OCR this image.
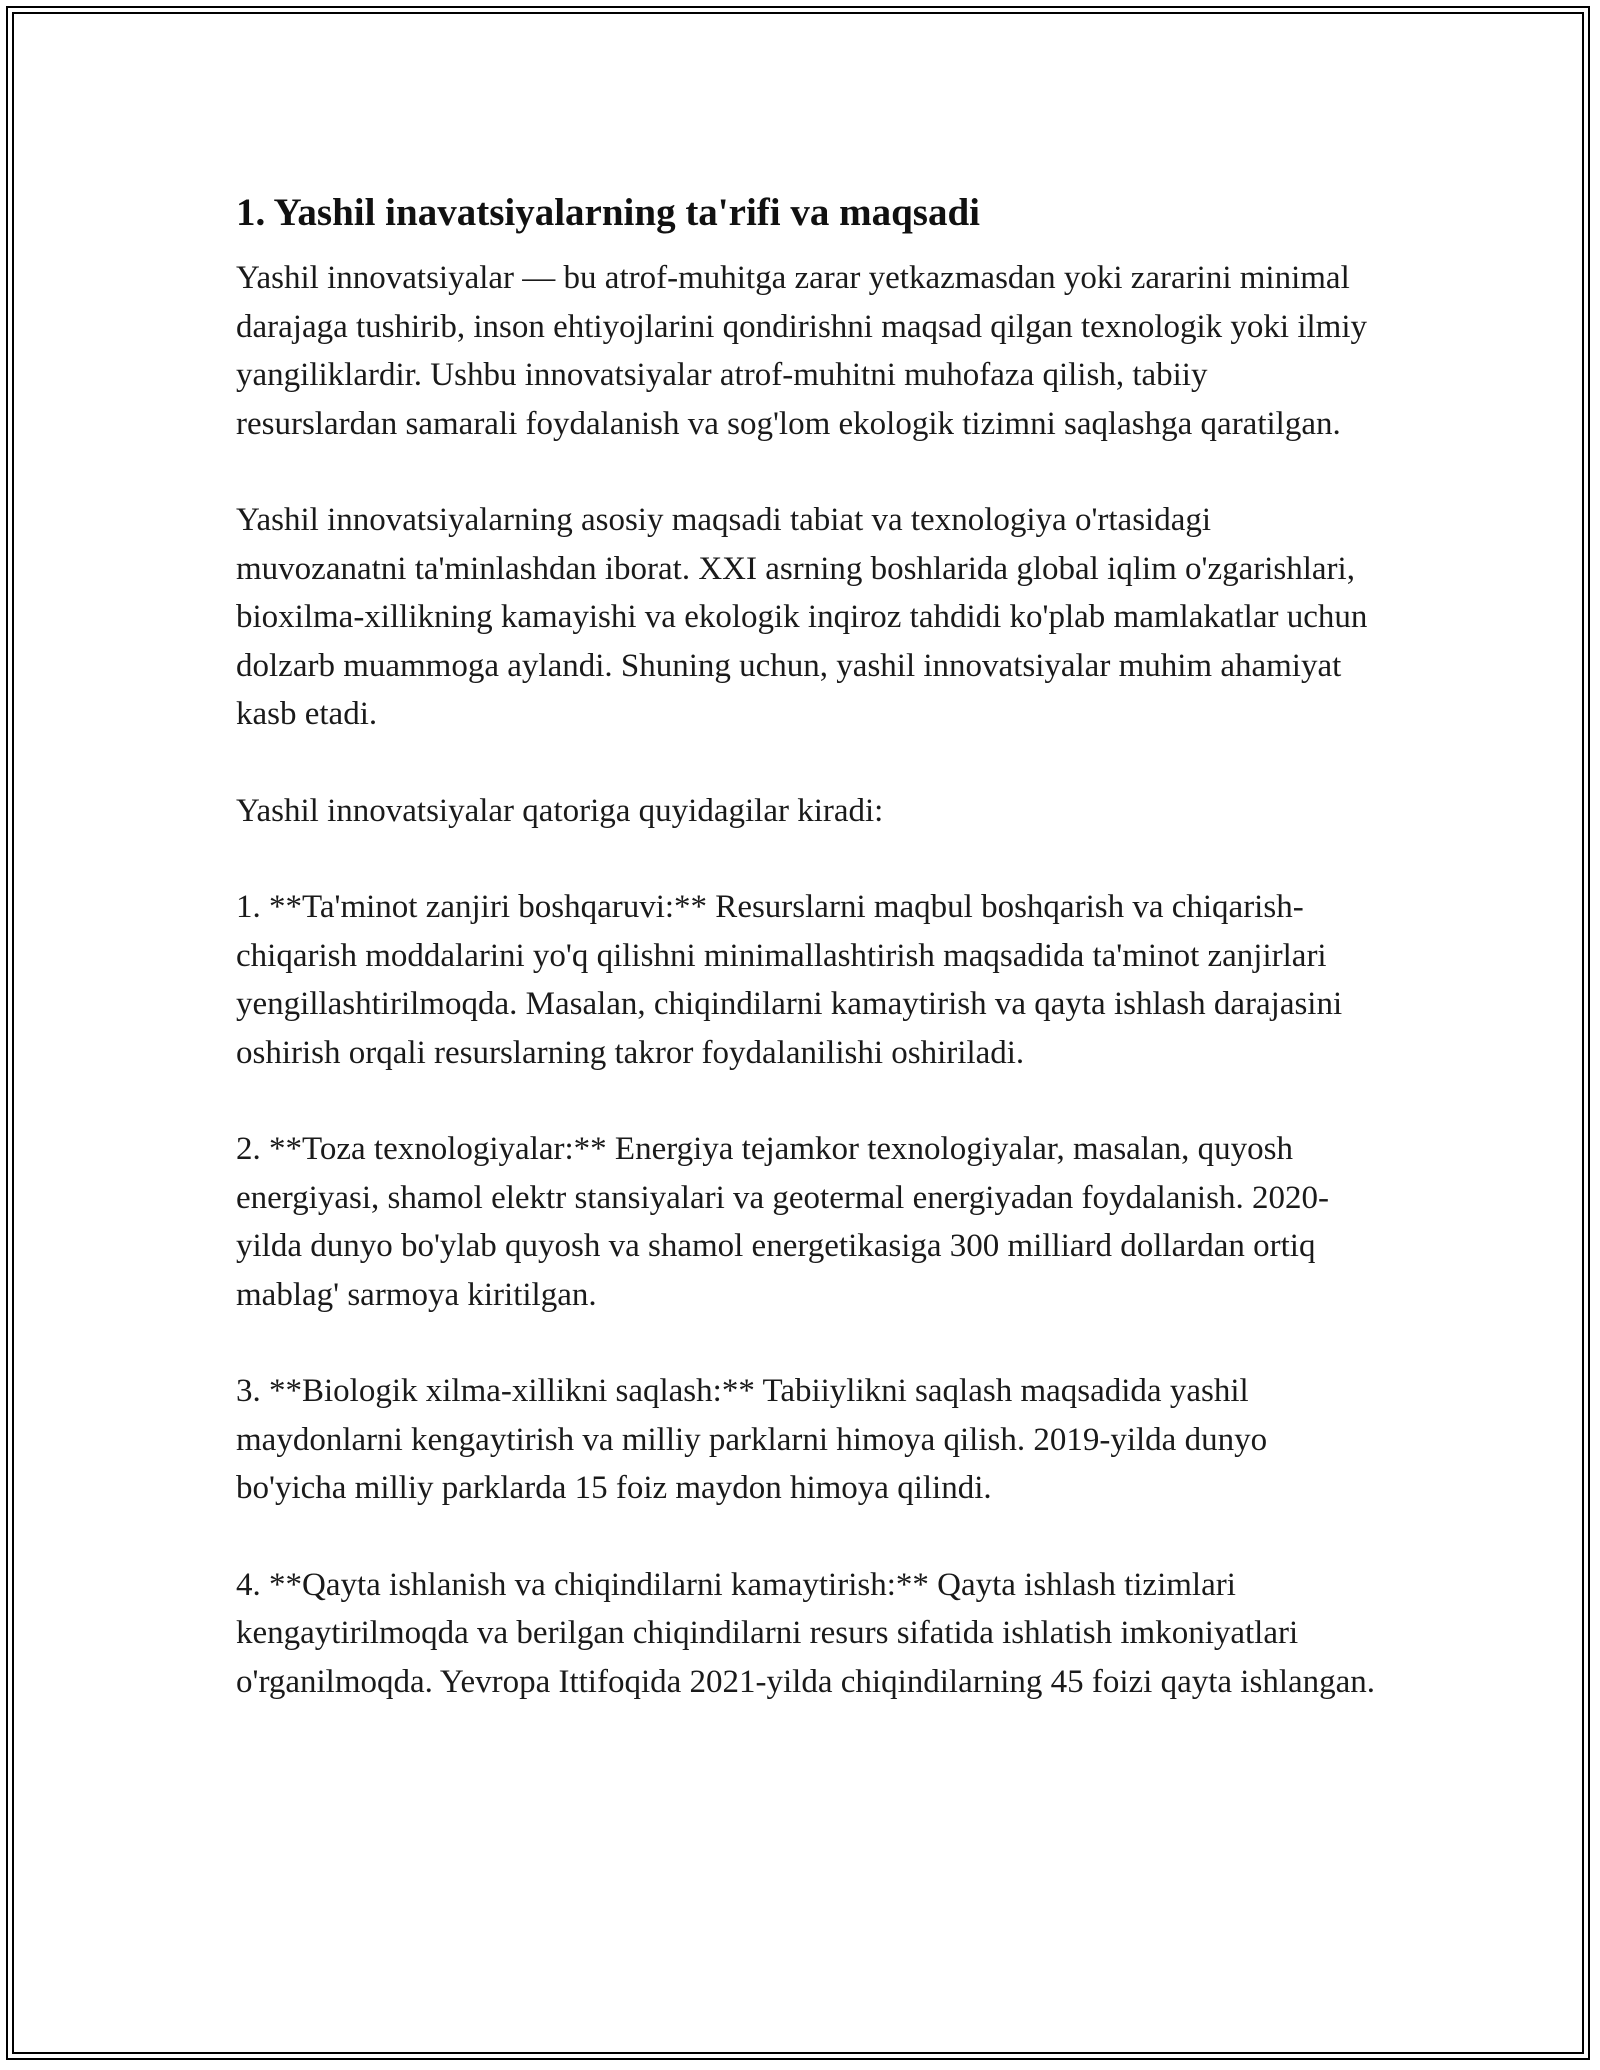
1. Yashil inavatsiyalarning ta'rifi va maqsadi

Yashil innovatsiyalar — bu atrof-muhitga zarar yetkazmasdan yoki zararini minimal darajaga tushirib, inson ehtiyojlarini qondirishni maqsad qilgan texnologik yoki ilmiy yangiliklardir. Ushbu innovatsiyalar atrof-muhitni muhofaza qilish, tabiiy resurslardan samarali foydalanish va sog'lom ekologik tizimni saqlashga qaratilgan.

Yashil innovatsiyalarning asosiy maqsadi tabiat va texnologiya o'rtasidagi muvozanatni ta'minlashdan iborat. XXI asrning boshlarida global iqlim o'zgarishlari, bioxilma-xillikning kamayishi va ekologik inqiroz tahdidi ko'plab mamlakatlar uchun dolzarb muammoga aylandi. Shuning uchun, yashil innovatsiyalar muhim ahamiyat kasb etadi.

Yashil innovatsiyalar qatoriga quyidagilar kiradi:

1. **Ta'minot zanjiri boshqaruvi:** Resurslarni maqbul boshqarish va chiqarish-chiqarish moddalarini yo'q qilishni minimallashtirish maqsadida ta'minot zanjirlari yengillashtirilmoqda. Masalan, chiqindilarni kamaytirish va qayta ishlash darajasini oshirish orqali resurslarning takror foydalanilishi oshiriladi.

2. **Toza texnologiyalar:** Energiya tejamkor texnologiyalar, masalan, quyosh energiyasi, shamol elektr stansiyalari va geotermal energiyadan foydalanish. 2020-yilda dunyo bo'ylab quyosh va shamol energetikasiga 300 milliard dollardan ortiq mablag' sarmoya kiritilgan.

3. **Biologik xilma-xillikni saqlash:** Tabiiylikni saqlash maqsadida yashil maydonlarni kengaytirish va milliy parklarni himoya qilish. 2019-yilda dunyo bo'yicha milliy parklarda 15 foiz maydon himoya qilindi.

4. **Qayta ishlanish va chiqindilarni kamaytirish:** Qayta ishlash tizimlari kengaytirilmoqda va berilgan chiqindilarni resurs sifatida ishlatish imkoniyatlari o'rganilmoqda. Yevropa Ittifoqida 2021-yilda chiqindilarning 45 foizi qayta ishlangan.
